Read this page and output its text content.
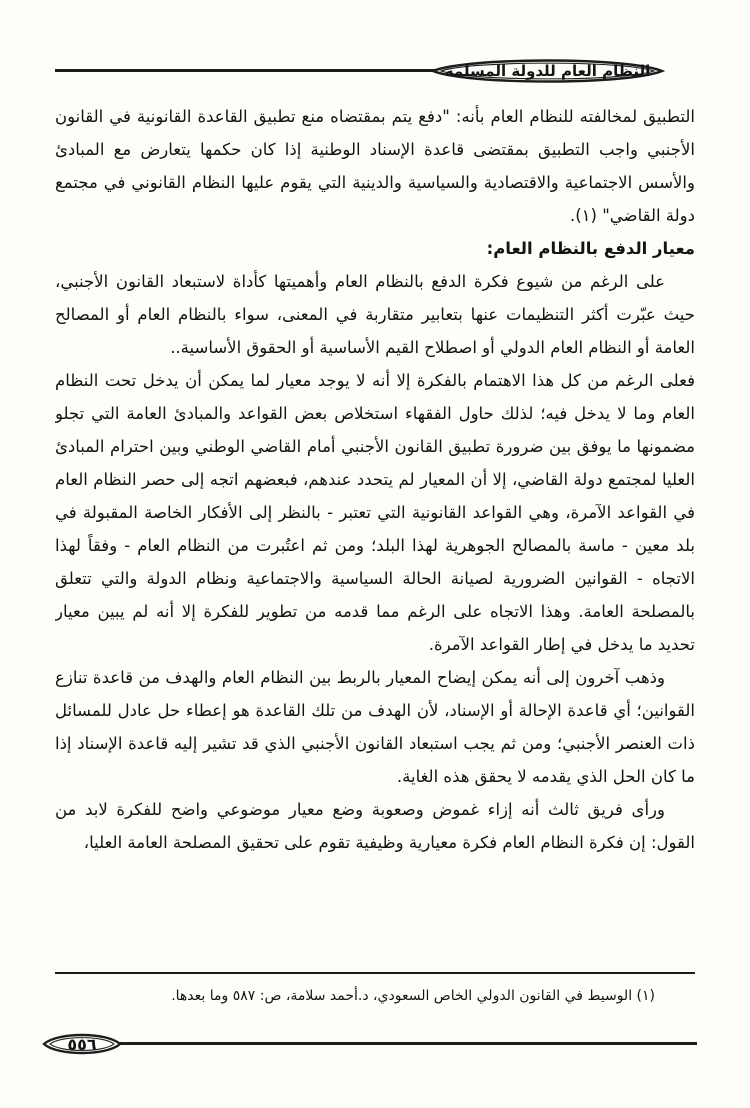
النظام العام للدولة المسلمة

التطبيق لمخالفته للنظام العام بأنه: "دفع يتم بمقتضاه منع تطبيق القاعدة القانونية في القانون الأجنبي واجب التطبيق بمقتضى قاعدة الإسناد الوطنية إذا كان حكمها يتعارض مع المبادئ والأسس الاجتماعية والاقتصادية والسياسية والدينية التي يقوم عليها النظام القانوني في مجتمع دولة القاضي" (١).

معيار الدفع بالنظام العام:

على الرغم من شيوع فكرة الدفع بالنظام العام وأهميتها كأداة لاستبعاد القانون الأجنبي، حيث عبّرت أكثر التنظيمات عنها بتعابير متقاربة في المعنى، سواء بالنظام العام أو المصالح العامة أو النظام العام الدولي أو اصطلاح القيم الأساسية أو الحقوق الأساسية..

فعلى الرغم من كل هذا الاهتمام بالفكرة إلا أنه لا يوجد معيار لما يمكن أن يدخل تحت النظام العام وما لا يدخل فيه؛ لذلك حاول الفقهاء استخلاص بعض القواعد والمبادئ العامة التي تجلو مضمونها ما يوفق بين ضرورة تطبيق القانون الأجنبي أمام القاضي الوطني وبين احترام المبادئ العليا لمجتمع دولة القاضي، إلا أن المعيار لم يتحدد عندهم، فبعضهم اتجه إلى حصر النظام العام في القواعد الآمرة، وهي القواعد القانونية التي تعتبر - بالنظر إلى الأفكار الخاصة المقبولة في بلد معين - ماسة بالمصالح الجوهرية لهذا البلد؛ ومن ثم اعتُبرت من النظام العام - وفقاً لهذا الاتجاه - القوانين الضرورية لصيانة الحالة السياسية والاجتماعية ونظام الدولة والتي تتعلق بالمصلحة العامة. وهذا الاتجاه على الرغم مما قدمه من تطوير للفكرة إلا أنه لم يبين معيار تحديد ما يدخل في إطار القواعد الآمرة.

وذهب آخرون إلى أنه يمكن إيضاح المعيار بالربط بين النظام العام والهدف من قاعدة تنازع القوانين؛ أي قاعدة الإحالة أو الإسناد، لأن الهدف من تلك القاعدة هو إعطاء حل عادل للمسائل ذات العنصر الأجنبي؛ ومن ثم يجب استبعاد القانون الأجنبي الذي قد تشير إليه قاعدة الإسناد إذا ما كان الحل الذي يقدمه لا يحقق هذه الغاية.

ورأى فريق ثالث أنه إزاء غموض وصعوبة وضع معيار موضوعي واضح للفكرة لابد من القول: إن فكرة النظام العام فكرة معيارية وظيفية تقوم على تحقيق المصلحة العامة العليا،

(١) الوسيط في القانون الدولي الخاص السعودي، د.أحمد سلامة، ص: ٥٨٧ وما بعدها.
٥٥٦
